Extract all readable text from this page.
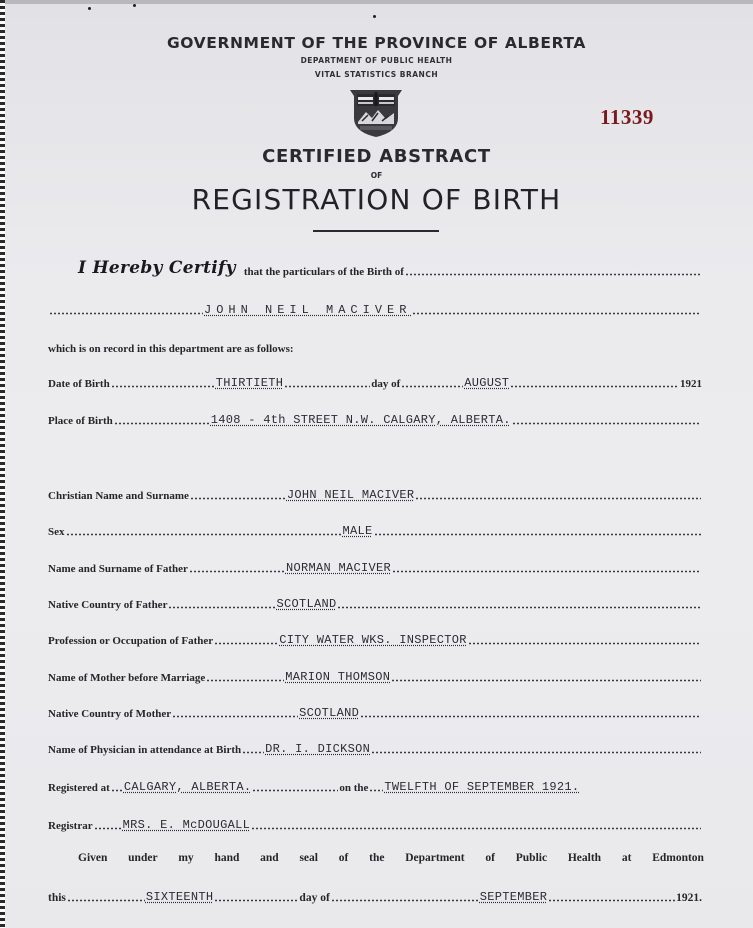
GOVERNMENT OF THE PROVINCE OF ALBERTA
DEPARTMENT OF PUBLIC HEALTH
VITAL STATISTICS BRANCH
11339
CERTIFIED ABSTRACT
OF
REGISTRATION OF BIRTH
I Hereby Certify that the particulars of the Birth of
JOHN NEIL MACIVER
which is on record in this department are as follows:
Date of Birth	THIRTIETH	day of	AUGUST	1921
Place of Birth	1408 - 4th STREET N.W. CALGARY, ALBERTA.
Christian Name and Surname	JOHN NEIL MACIVER
Sex	MALE
Name and Surname of Father	NORMAN MACIVER
Native Country of Father	SCOTLAND
Profession or Occupation of Father	CITY WATER WKS. INSPECTOR
Name of Mother before Marriage	MARION THOMSON
Native Country of Mother	SCOTLAND
Name of Physician in attendance at Birth DR. I. DICKSON
Registered at CALGARY, ALBERTA.	on the TWELFTH OF SEPTEMBER 1921.
Registrar	MRS. E. McDOUGALL
Given under my hand and seal of the Department of Public Health at Edmonton
this	SIXTEENTH	day of	SEPTEMBER	1921.
